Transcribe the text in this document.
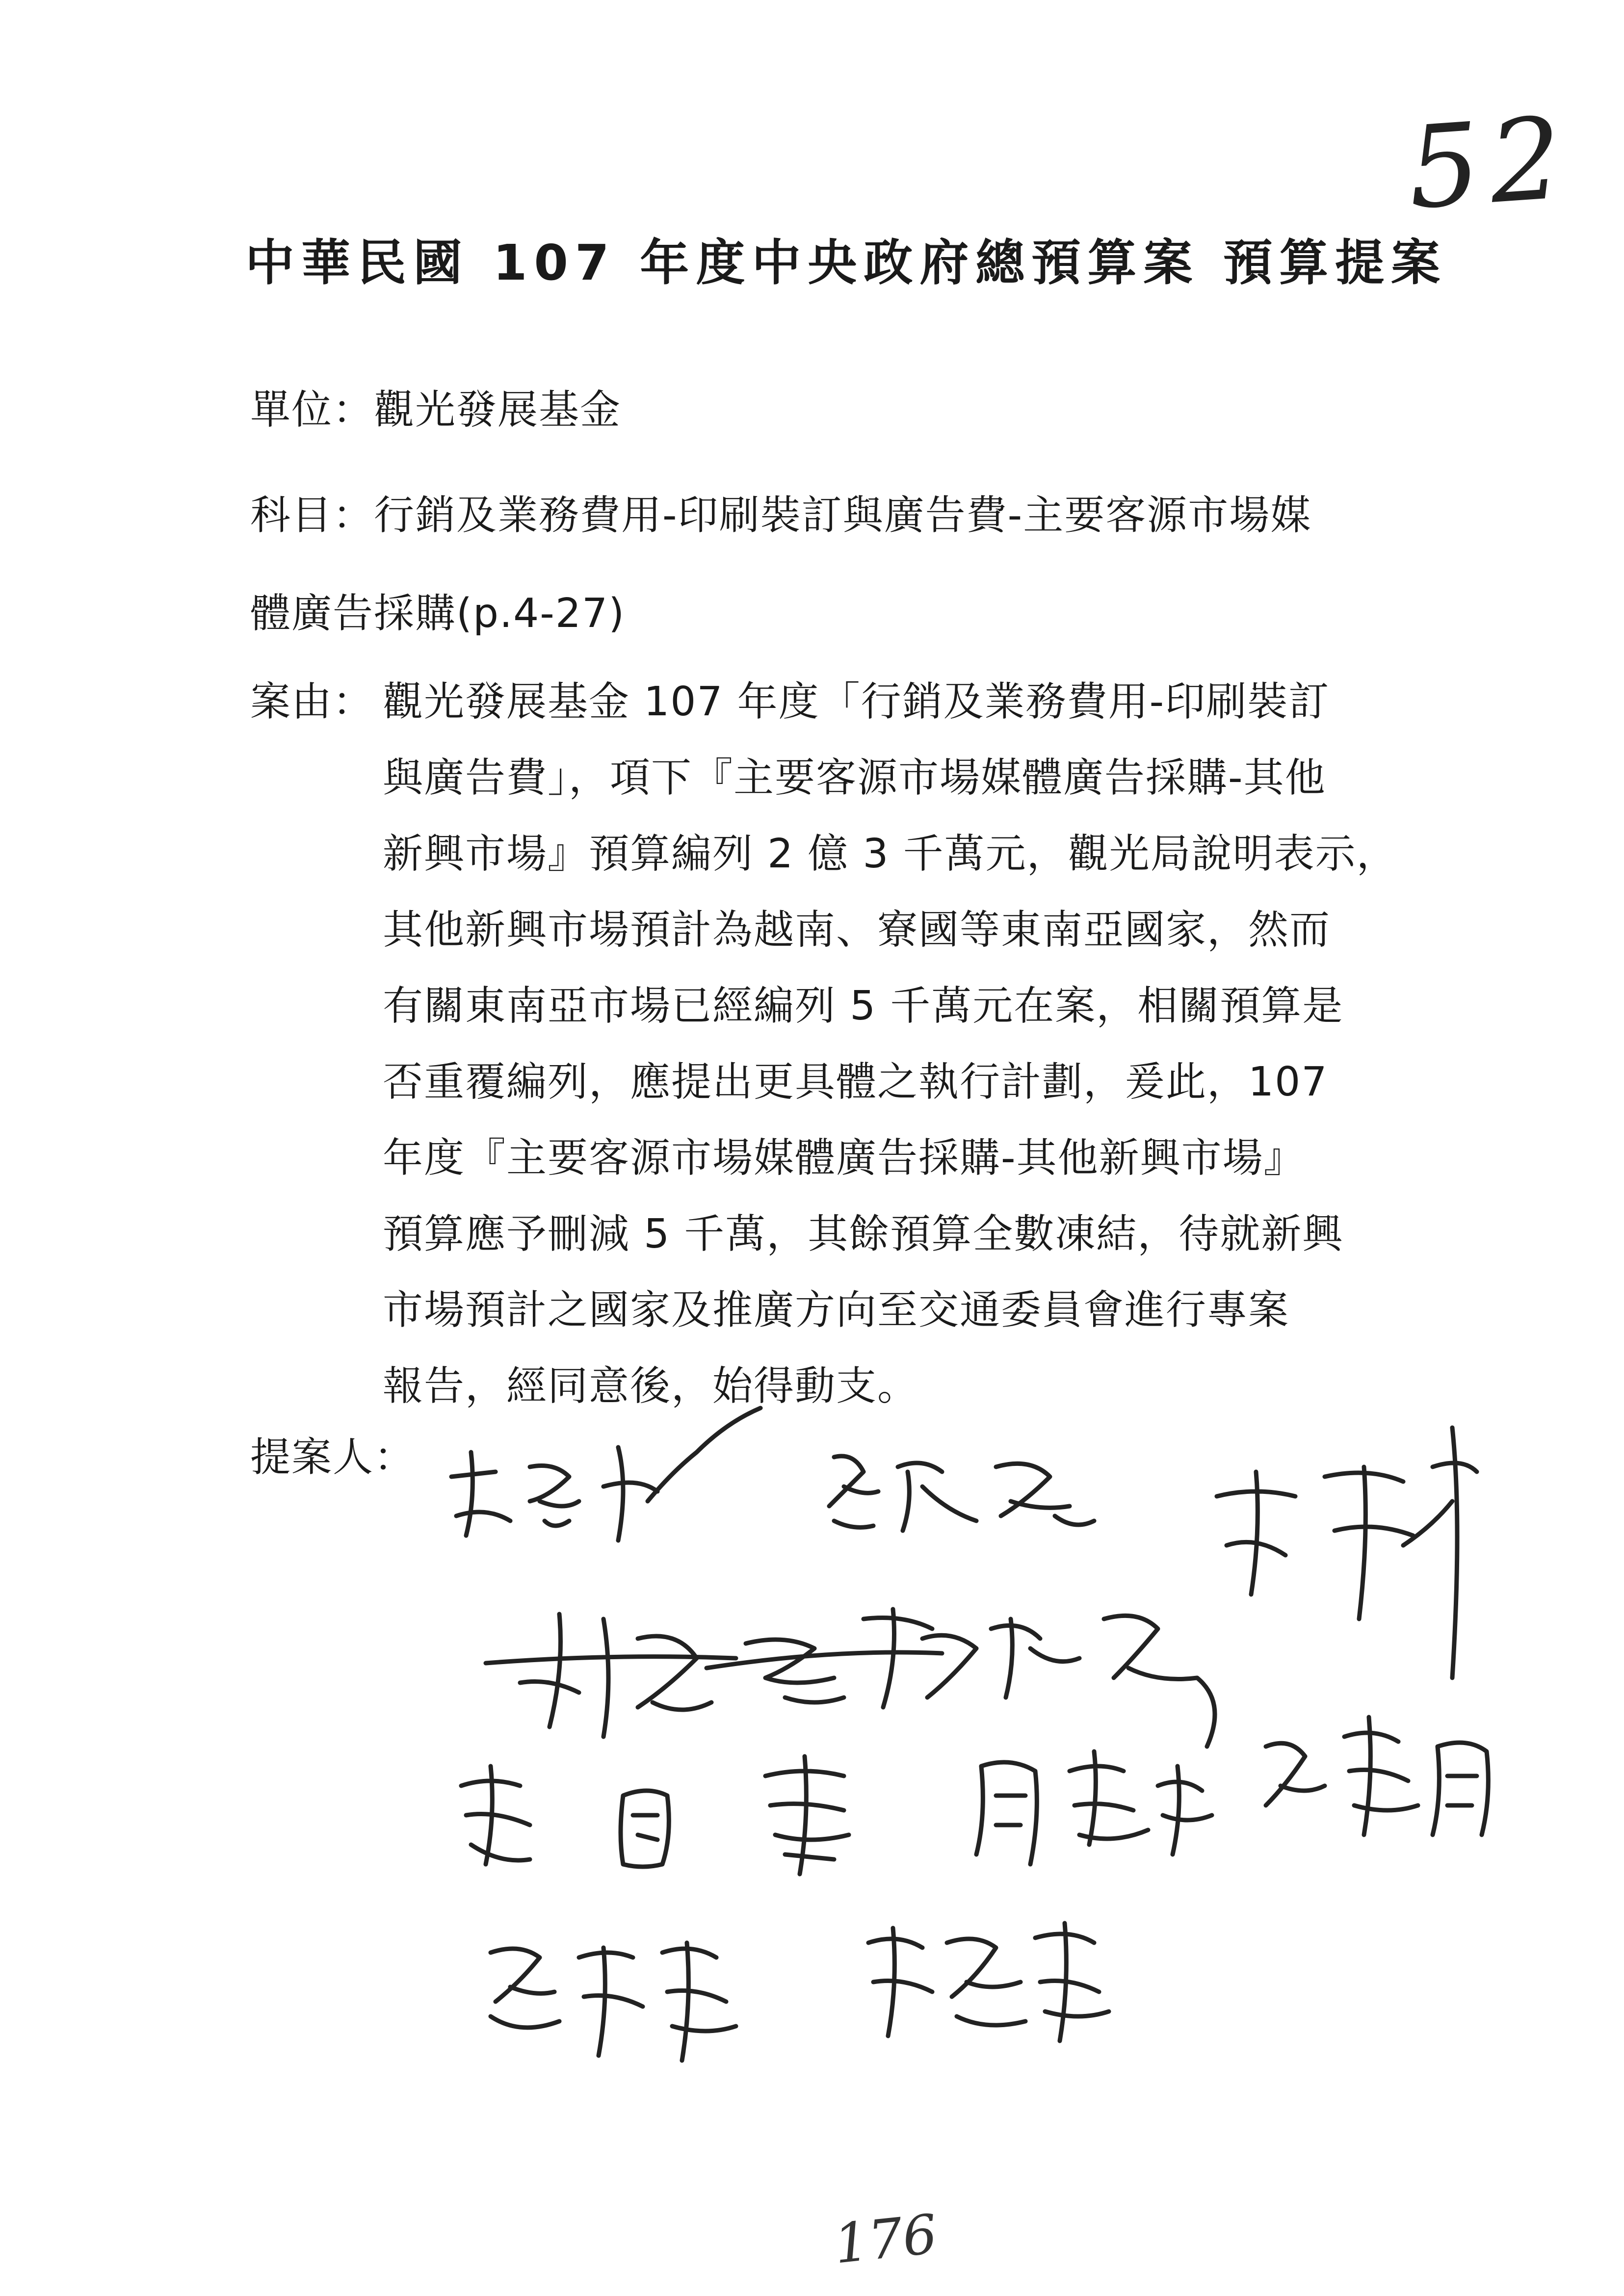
52
中華民國 107 年度中央政府總預算案 預算提案
單位：觀光發展基金
科目：行銷及業務費用-印刷裝訂與廣告費-主要客源市場媒
體廣告採購(p.4-27)
案由： 觀光發展基金 107 年度「行銷及業務費用-印刷裝訂
與廣告費」，項下『主要客源市場媒體廣告採購-其他
新興市場』預算編列 2 億 3 千萬元，觀光局說明表示，
其他新興市場預計為越南、寮國等東南亞國家，然而
有關東南亞市場已經編列 5 千萬元在案，相關預算是
否重覆編列，應提出更具體之執行計劃，爰此，107
年度『主要客源市場媒體廣告採購-其他新興市場』
預算應予刪減 5 千萬，其餘預算全數凍結，待就新興
市場預計之國家及推廣方向至交通委員會進行專案
報告，經同意後，始得動支。
提案人：
176
